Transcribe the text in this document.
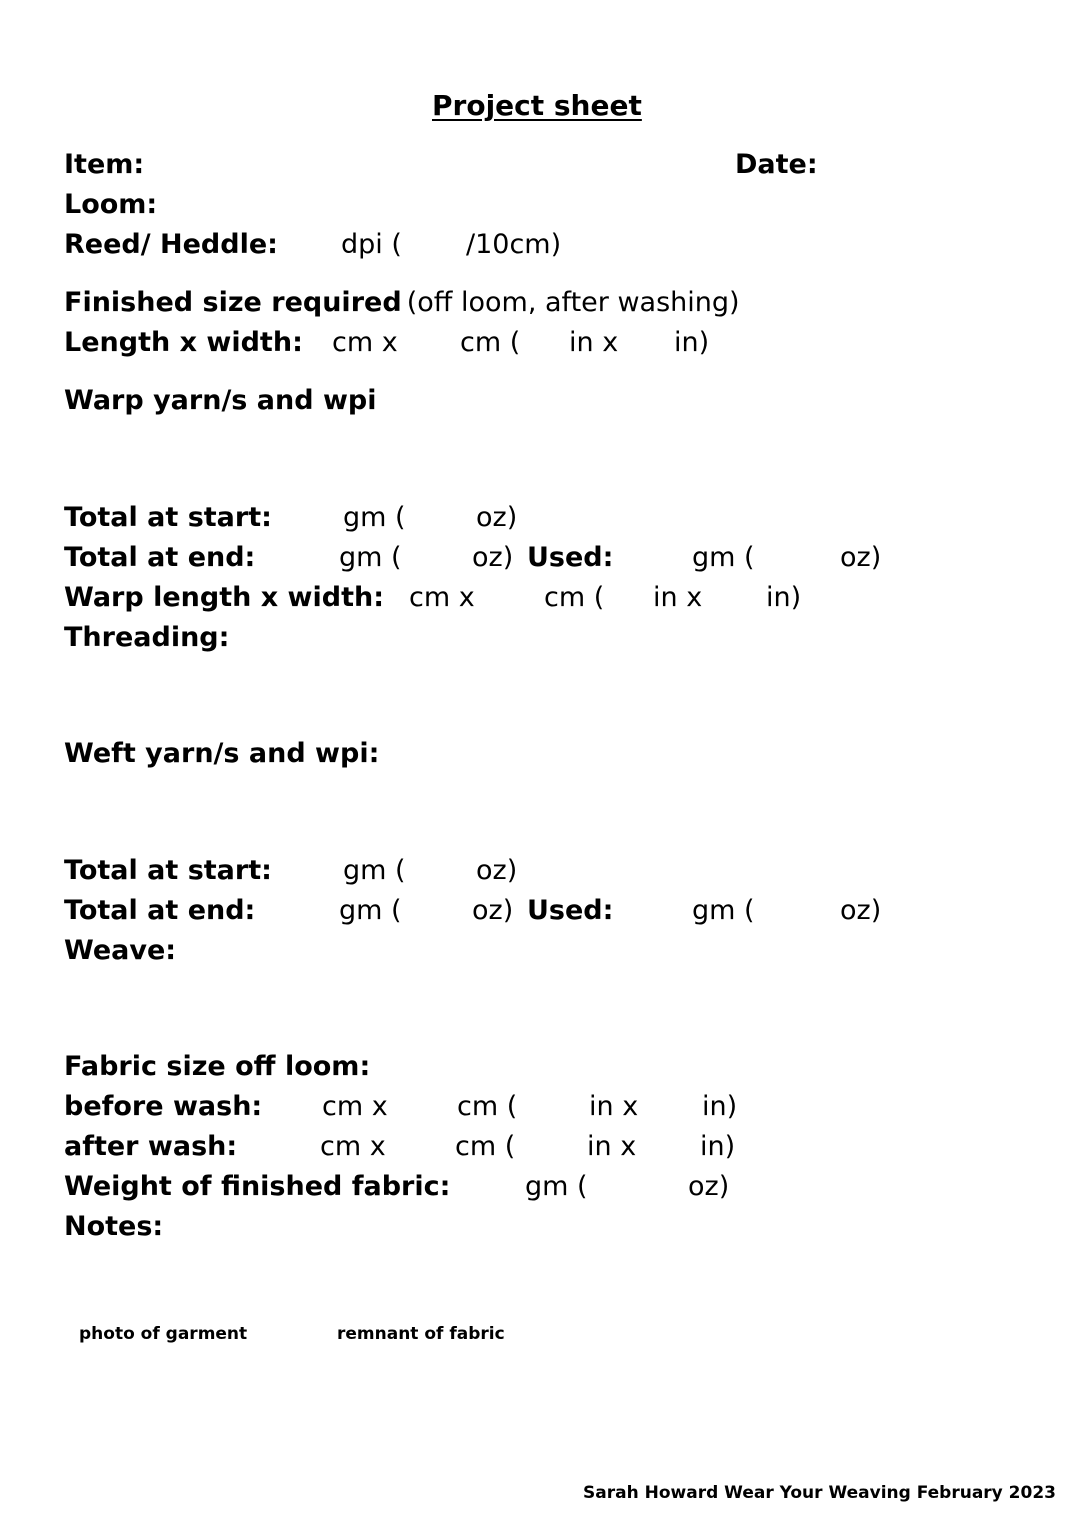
Project sheet
Item:	Date:
Loom:
Reed/ Heddle: dpi ( /10cm)
Finished size required (off loom, after washing)
Length x width: cm x cm ( in x in)
Warp yarn/s and wpi
Total at start:	gm (	oz)
Total at end:	gm (	oz) Used:	gm (	oz)
Warp length x width: cm x	cm ( in x in)
Threading:
Weft yarn/s and wpi:
Total at start:	gm (	oz)
Total at end:	gm (	oz) Used:	gm (	oz)
Weave:
Fabric size off loom:
before wash: cm x	cm (	in x in)
after wash:	cm x	cm (	in x in)
Weight of finished fabric:	gm (	oz)
Notes:
photo of garment	remnant of fabric
Sarah Howard Wear Your Weaving February 2023
